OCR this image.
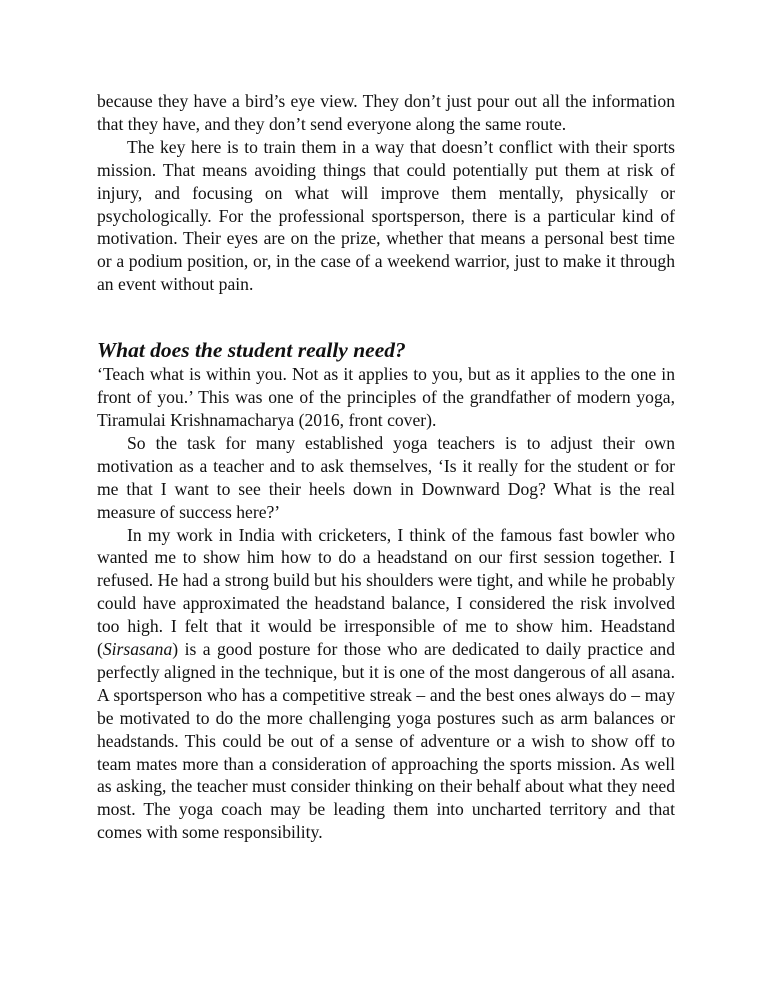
because they have a bird’s eye view. They don’t just pour out all the information that they have, and they don’t send everyone along the same route.

The key here is to train them in a way that doesn’t conflict with their sports mission. That means avoiding things that could potentially put them at risk of injury, and focusing on what will improve them mentally, physically or psychologically. For the professional sportsperson, there is a particular kind of motivation. Their eyes are on the prize, whether that means a personal best time or a podium position, or, in the case of a weekend warrior, just to make it through an event without pain.

What does the student really need?

‘Teach what is within you. Not as it applies to you, but as it applies to the one in front of you.’ This was one of the principles of the grandfather of modern yoga, Tiramulai Krishnamacharya (2016, front cover).

So the task for many established yoga teachers is to adjust their own motivation as a teacher and to ask themselves, ‘Is it really for the student or for me that I want to see their heels down in Downward Dog? What is the real measure of success here?’

In my work in India with cricketers, I think of the famous fast bowler who wanted me to show him how to do a headstand on our first session together. I refused. He had a strong build but his shoulders were tight, and while he probably could have approximated the headstand balance, I considered the risk involved too high. I felt that it would be irresponsible of me to show him. Headstand (Sirsasana) is a good posture for those who are dedicated to daily practice and perfectly aligned in the technique, but it is one of the most dangerous of all asana. A sportsperson who has a competitive streak – and the best ones always do – may be motivated to do the more challenging yoga postures such as arm balances or headstands. This could be out of a sense of adventure or a wish to show off to team mates more than a consideration of approaching the sports mission. As well as asking, the teacher must consider thinking on their behalf about what they need most. The yoga coach may be leading them into uncharted territory and that comes with some responsibility.
